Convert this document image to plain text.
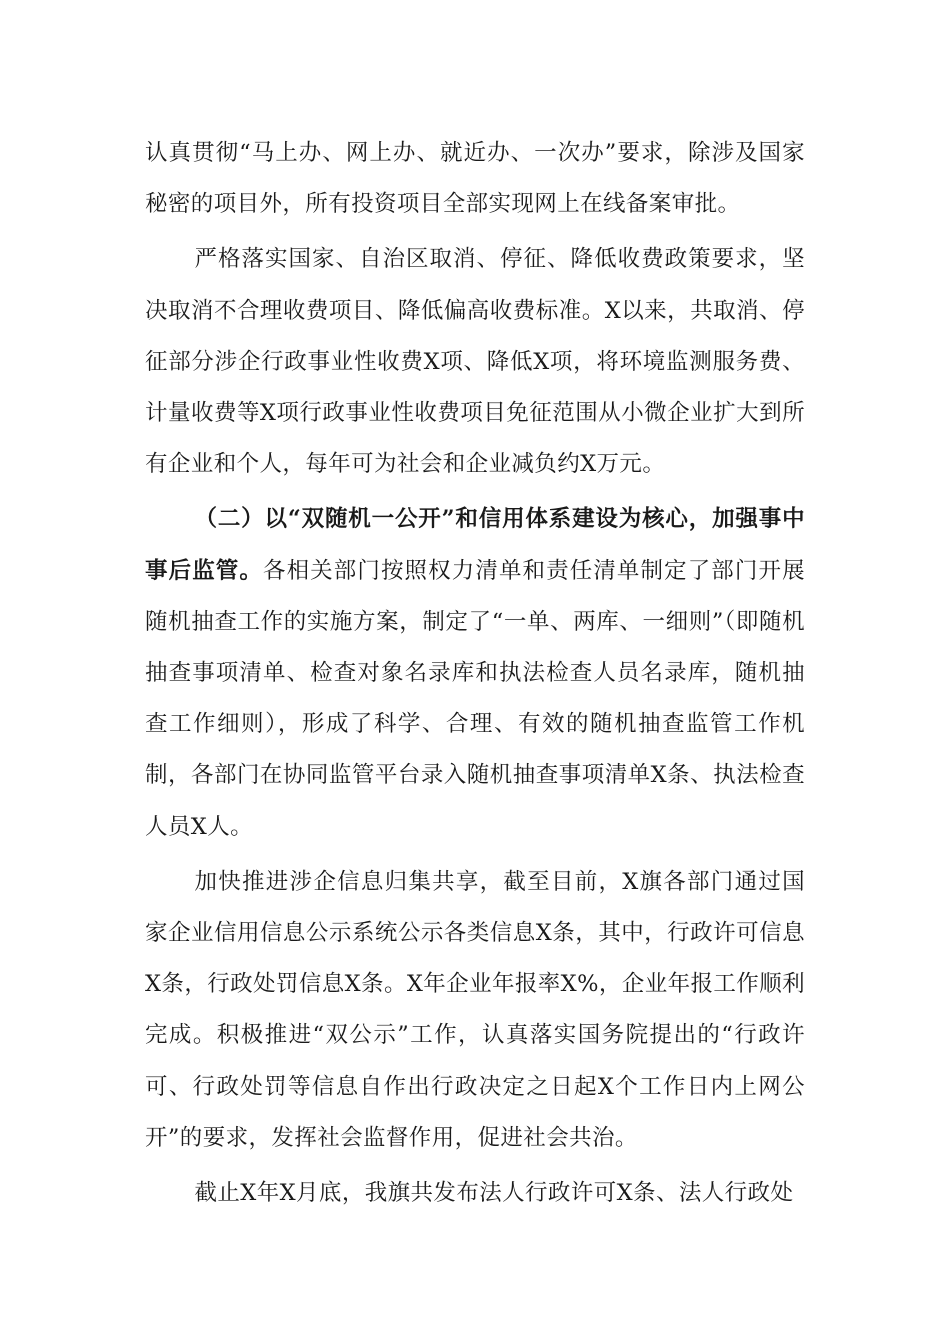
认真贯彻“马上办、网上办、就近办、一次办”要求，除涉及国家秘密的项目外，所有投资项目全部实现网上在线备案审批。

严格落实国家、自治区取消、停征、降低收费政策要求，坚决取消不合理收费项目、降低偏高收费标准。X以来，共取消、停征部分涉企行政事业性收费X项、降低X项，将环境监测服务费、计量收费等X项行政事业性收费项目免征范围从小微企业扩大到所有企业和个人，每年可为社会和企业减负约X万元。

（二）以“双随机一公开”和信用体系建设为核心，加强事中事后监管。各相关部门按照权力清单和责任清单制定了部门开展随机抽查工作的实施方案，制定了“一单、两库、一细则”（即随机抽查事项清单、检查对象名录库和执法检查人员名录库，随机抽查工作细则），形成了科学、合理、有效的随机抽查监管工作机制，各部门在协同监管平台录入随机抽查事项清单X条、执法检查人员X人。

加快推进涉企信息归集共享，截至目前，X旗各部门通过国家企业信用信息公示系统公示各类信息X条，其中，行政许可信息X条，行政处罚信息X条。X年企业年报率X%，企业年报工作顺利完成。积极推进“双公示”工作，认真落实国务院提出的“行政许可、行政处罚等信息自作出行政决定之日起X个工作日内上网公开”的要求，发挥社会监督作用，促进社会共治。

截止X年X月底，我旗共发布法人行政许可X条、法人行政处
